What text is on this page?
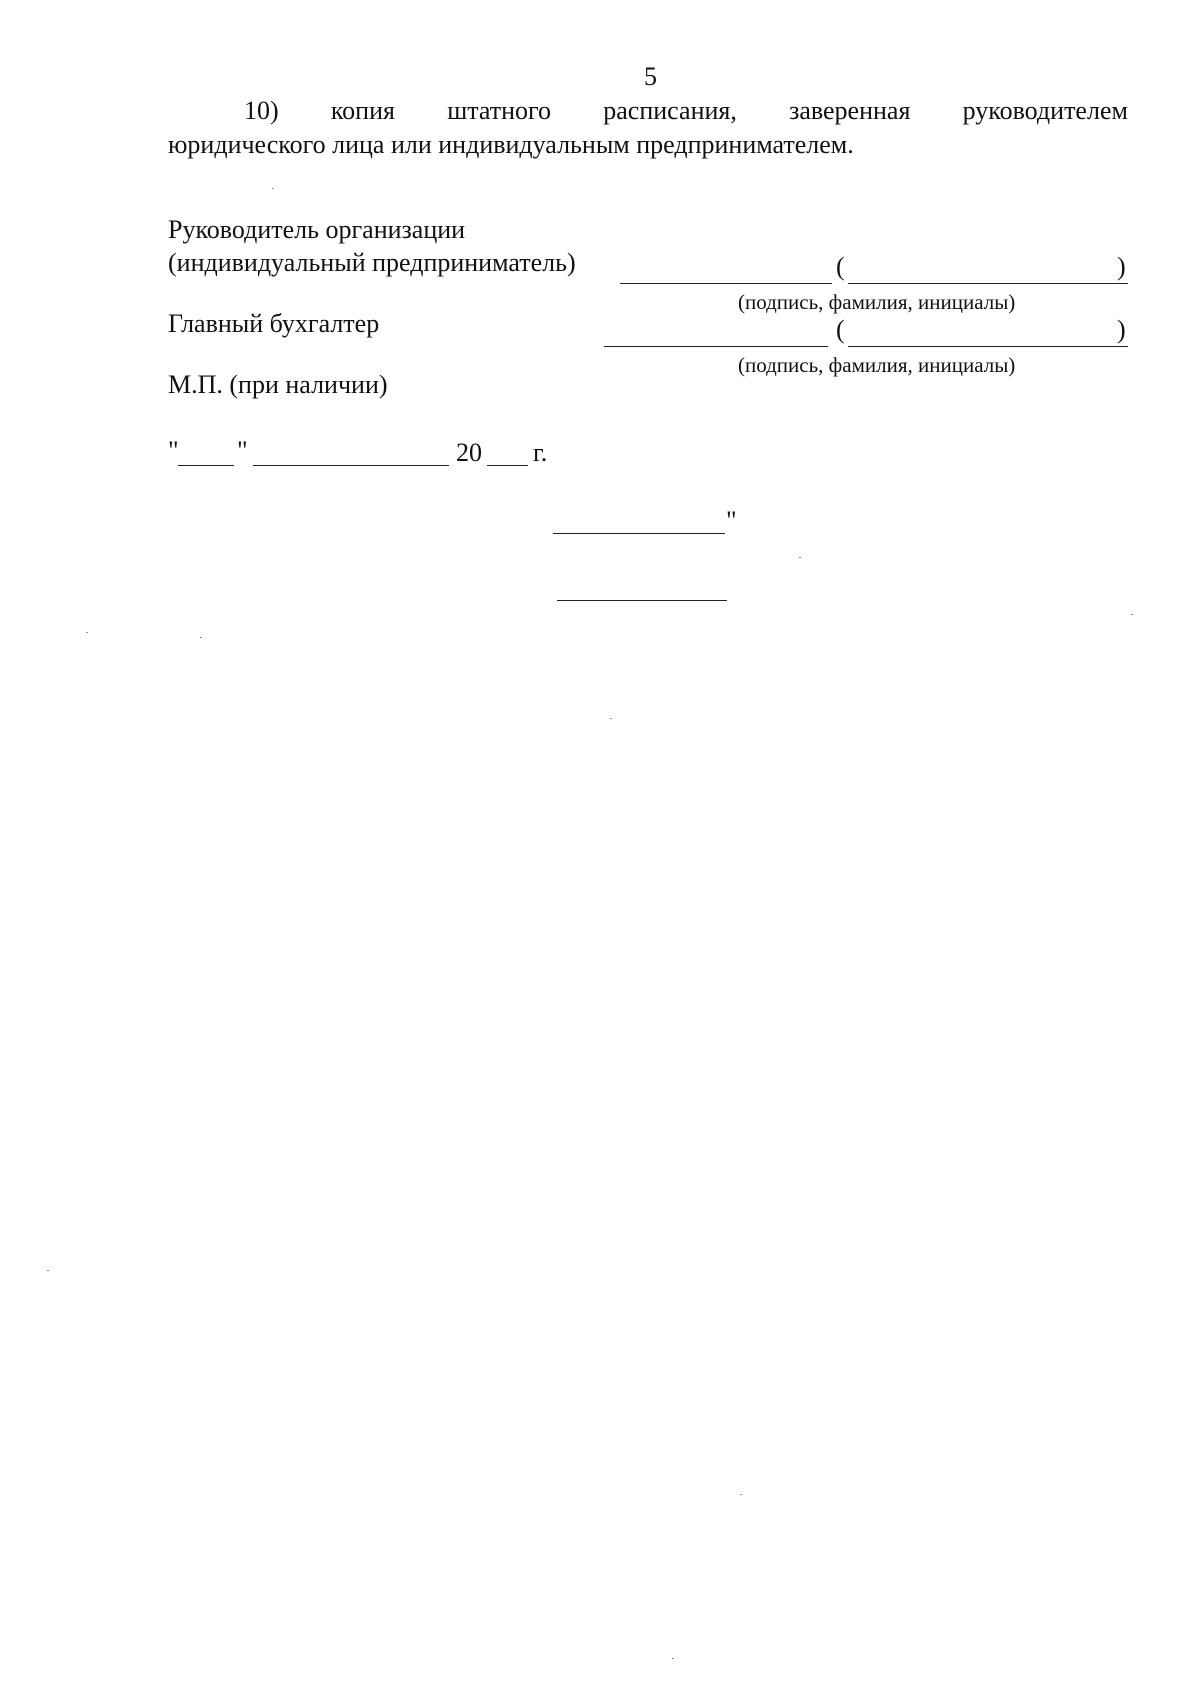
5
10) копия штатного расписания, заверенная руководителем
юридического лица или индивидуальным предпринимателем.
Руководитель организации
(индивидуальный предприниматель)	(	)
(подпись, фамилия, инициалы)
Главный бухгалтер	(	)
(подпись, фамилия, инициалы)
М.П. (при наличии)
" "	20 г.
"
